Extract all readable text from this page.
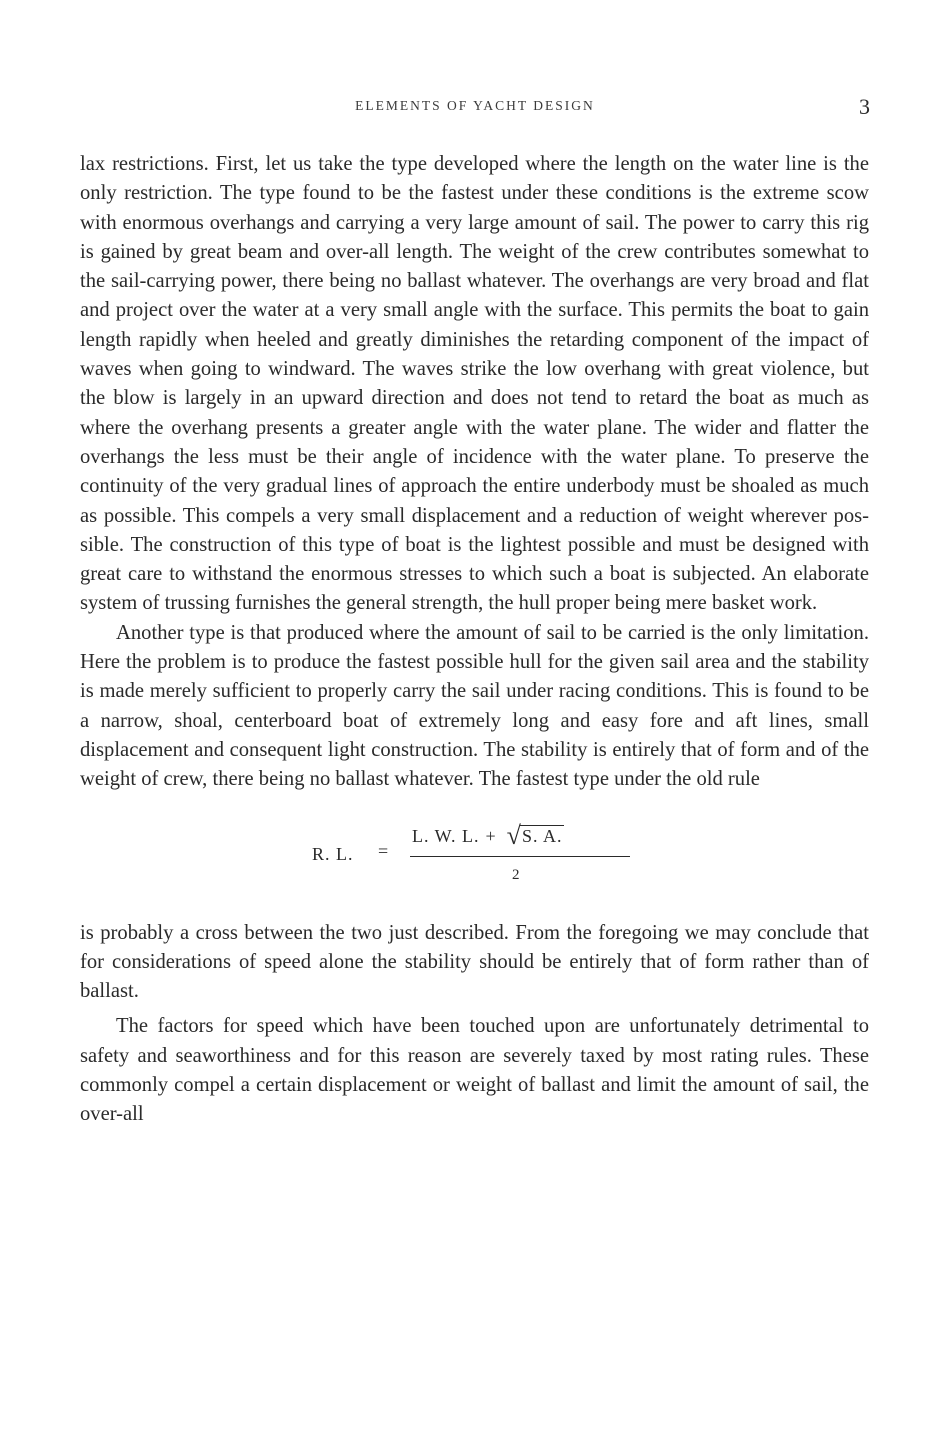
ELEMENTS OF YACHT DESIGN	3

lax restrictions. First, let us take the type developed where the length on the water line is the only restriction. The type found to be the fastest under these conditions is the extreme scow with enormous overhangs and carrying a very large amount of sail. The power to carry this rig is gained by great beam and over-all length. The weight of the crew contributes somewhat to the sail-carrying power, there being no ballast whatever. The overhangs are very broad and flat and project over the water at a very small angle with the surface. This permits the boat to gain length rapidly when heeled and greatly diminishes the retarding component of the impact of waves when going to windward. The waves strike the low overhang with great violence, but the blow is largely in an upward direction and does not tend to retard the boat as much as where the overhang presents a greater angle with the water plane. The wider and flatter the overhangs the less must be their angle of incidence with the water plane. To preserve the continuity of the very gradual lines of approach the entire underbody must be shoaled as much as possible. This compels a very small displacement and a reduction of weight wherever possible. The construction of this type of boat is the lightest possible and must be designed with great care to withstand the enormous stresses to which such a boat is subjected. An elaborate system of trussing furnishes the general strength, the hull proper being mere basket work.

Another type is that produced where the amount of sail to be carried is the only limitation. Here the problem is to produce the fastest possible hull for the given sail area and the stability is made merely sufficient to properly carry the sail under racing conditions. This is found to be a narrow, shoal, centerboard boat of extremely long and easy fore and aft lines, small displacement and consequent light construction. The stability is entirely that of form and of the weight of crew, there being no ballast whatever. The fastest type under the old rule

R. L. =
L. W. L. + √S. A.
2

is probably a cross between the two just described. From the foregoing we may conclude that for considerations of speed alone the stability should be entirely that of form rather than of ballast.

The factors for speed which have been touched upon are unfortunately detrimental to safety and seaworthiness and for this reason are severely taxed by most rating rules. These commonly compel a certain displacement or weight of ballast and limit the amount of sail, the over-all
